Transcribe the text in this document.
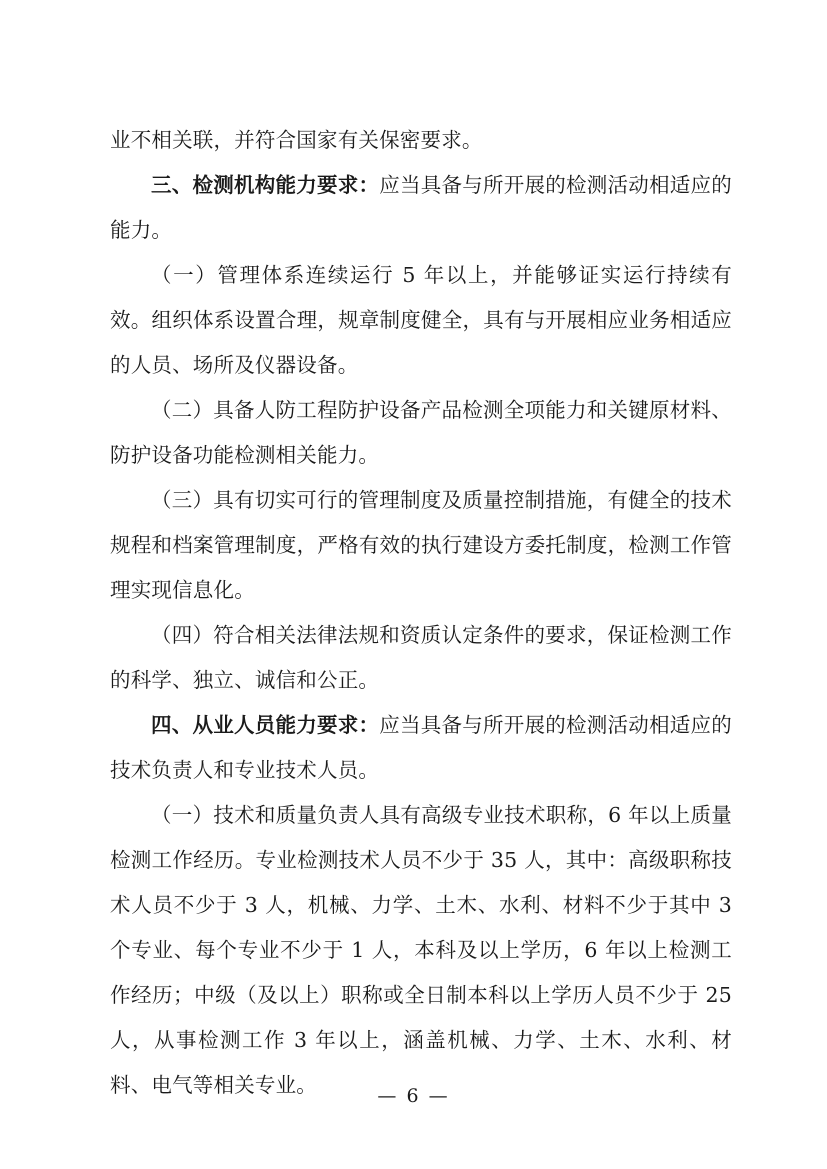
业不相关联，并符合国家有关保密要求。

三、检测机构能力要求：应当具备与所开展的检测活动相适应的能力。

（一）管理体系连续运行 5 年以上，并能够证实运行持续有效。组织体系设置合理，规章制度健全，具有与开展相应业务相适应的人员、场所及仪器设备。

（二）具备人防工程防护设备产品检测全项能力和关键原材料、防护设备功能检测相关能力。

（三）具有切实可行的管理制度及质量控制措施，有健全的技术规程和档案管理制度，严格有效的执行建设方委托制度，检测工作管理实现信息化。

（四）符合相关法律法规和资质认定条件的要求，保证检测工作的科学、独立、诚信和公正。

四、从业人员能力要求：应当具备与所开展的检测活动相适应的技术负责人和专业技术人员。

（一）技术和质量负责人具有高级专业技术职称，6 年以上质量检测工作经历。专业检测技术人员不少于 35 人，其中：高级职称技术人员不少于 3 人，机械、力学、土木、水利、材料不少于其中 3 个专业、每个专业不少于 1 人，本科及以上学历，6 年以上检测工作经历；中级（及以上）职称或全日制本科以上学历人员不少于 25 人，从事检测工作 3 年以上，涵盖机械、力学、土木、水利、材料、电气等相关专业。	— 6 —
